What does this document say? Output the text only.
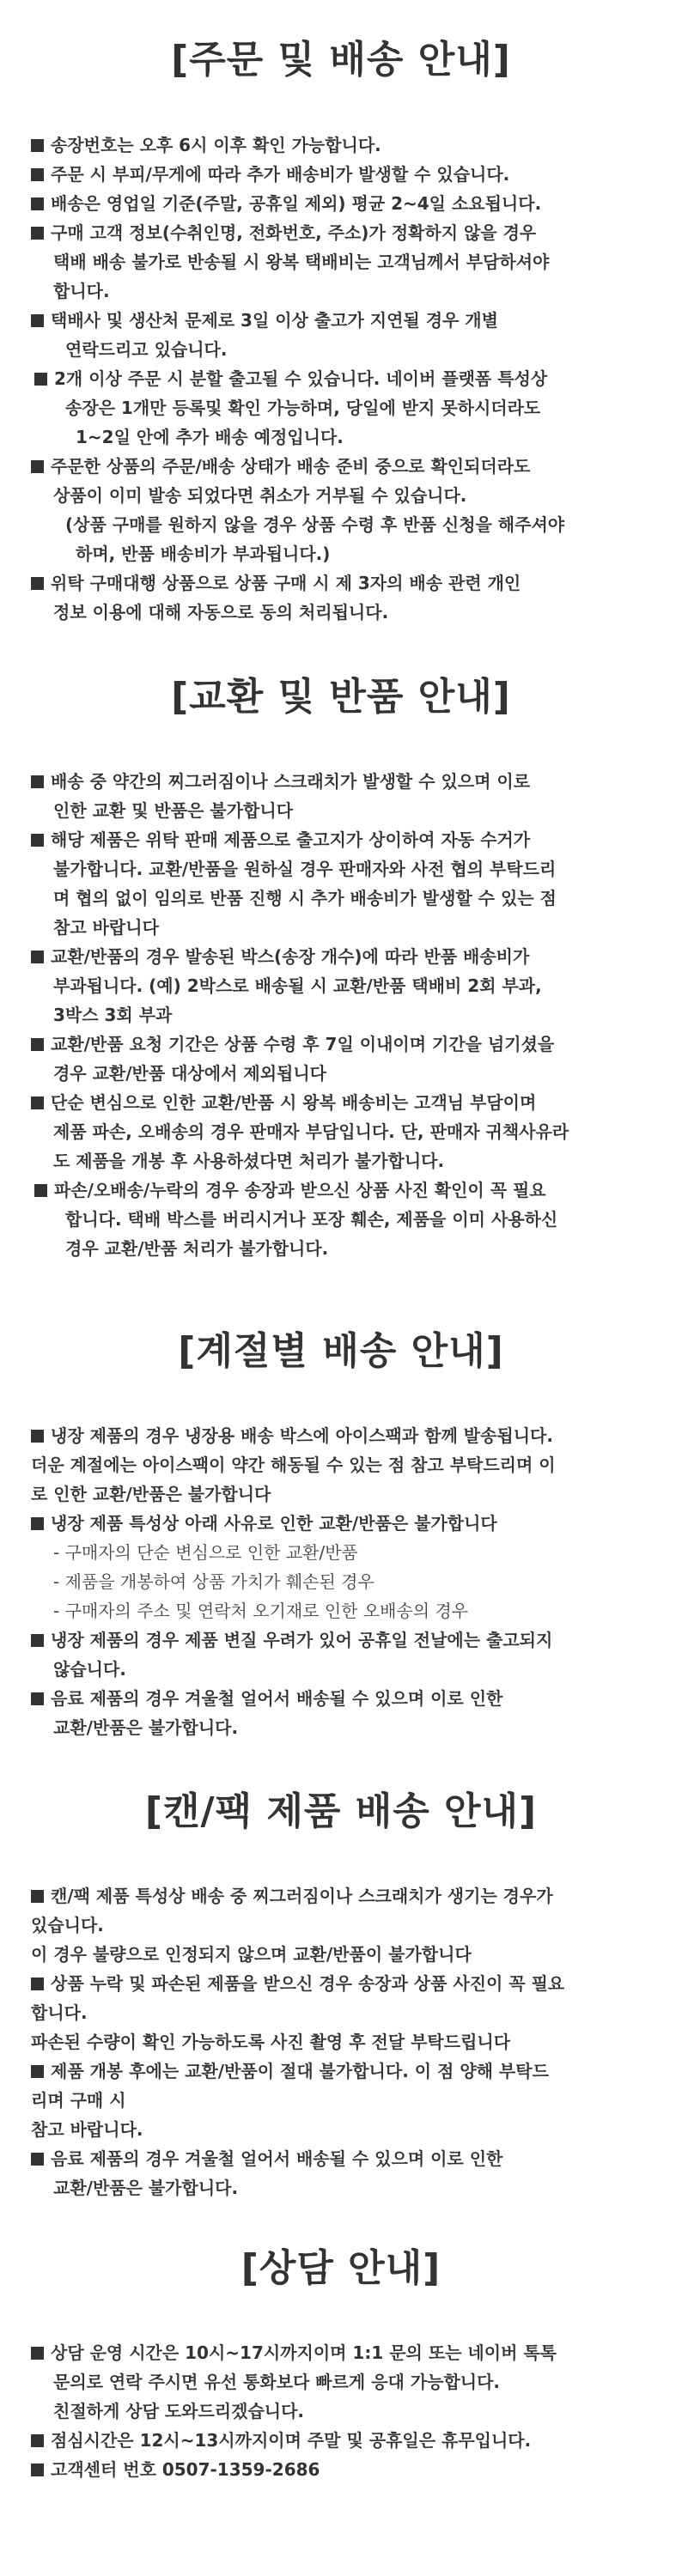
[주문 및 배송 안내]
송장번호는 오후 6시 이후 확인 가능합니다.
주문 시 부피/무게에 따라 추가 배송비가 발생할 수 있습니다.
배송은 영업일 기준(주말, 공휴일 제외) 평균 2~4일 소요됩니다.
구매 고객 정보(수취인명, 전화번호, 주소)가 정확하지 않을 경우
택배 배송 불가로 반송될 시 왕복 택배비는 고객님께서 부담하셔야
합니다.
택배사 및 생산처 문제로 3일 이상 출고가 지연될 경우 개별
연락드리고 있습니다.
2개 이상 주문 시 분할 출고될 수 있습니다. 네이버 플랫폼 특성상
송장은 1개만 등록및 확인 가능하며, 당일에 받지 못하시더라도
1~2일 안에 추가 배송 예정입니다.
주문한 상품의 주문/배송 상태가 배송 준비 중으로 확인되더라도
상품이 이미 발송 되었다면 취소가 거부될 수 있습니다.
(상품 구매를 원하지 않을 경우 상품 수령 후 반품 신청을 해주셔야
하며, 반품 배송비가 부과됩니다.)
위탁 구매대행 상품으로 상품 구매 시 제 3자의 배송 관련 개인
정보 이용에 대해 자동으로 동의 처리됩니다.
[교환 및 반품 안내]
배송 중 약간의 찌그러짐이나 스크래치가 발생할 수 있으며 이로
인한 교환 및 반품은 불가합니다
해당 제품은 위탁 판매 제품으로 출고지가 상이하여 자동 수거가
불가합니다. 교환/반품을 원하실 경우 판매자와 사전 협의 부탁드리
며 협의 없이 임의로 반품 진행 시 추가 배송비가 발생할 수 있는 점
참고 바랍니다
교환/반품의 경우 발송된 박스(송장 개수)에 따라 반품 배송비가
부과됩니다. (예) 2박스로 배송될 시 교환/반품 택배비 2회 부과,
3박스 3회 부과
교환/반품 요청 기간은 상품 수령 후 7일 이내이며 기간을 넘기셨을
경우 교환/반품 대상에서 제외됩니다
단순 변심으로 인한 교환/반품 시 왕복 배송비는 고객님 부담이며
제품 파손, 오배송의 경우 판매자 부담입니다. 단, 판매자 귀책사유라
도 제품을 개봉 후 사용하셨다면 처리가 불가합니다.
파손/오배송/누락의 경우 송장과 받으신 상품 사진 확인이 꼭 필요
합니다. 택배 박스를 버리시거나 포장 훼손, 제품을 이미 사용하신
경우 교환/반품 처리가 불가합니다.
[계절별 배송 안내]
냉장 제품의 경우 냉장용 배송 박스에 아이스팩과 함께 발송됩니다.
더운 계절에는 아이스팩이 약간 해동될 수 있는 점 참고 부탁드리며 이
로 인한 교환/반품은 불가합니다
냉장 제품 특성상 아래 사유로 인한 교환/반품은 불가합니다
- 구매자의 단순 변심으로 인한 교환/반품
- 제품을 개봉하여 상품 가치가 훼손된 경우
- 구매자의 주소 및 연락처 오기재로 인한 오배송의 경우
냉장 제품의 경우 제품 변질 우려가 있어 공휴일 전날에는 출고되지
않습니다.
음료 제품의 경우 겨울철 얼어서 배송될 수 있으며 이로 인한
교환/반품은 불가합니다.
[캔/팩 제품 배송 안내]
캔/팩 제품 특성상 배송 중 찌그러짐이나 스크래치가 생기는 경우가
있습니다.
이 경우 불량으로 인정되지 않으며 교환/반품이 불가합니다
상품 누락 및 파손된 제품을 받으신 경우 송장과 상품 사진이 꼭 필요
합니다.
파손된 수량이 확인 가능하도록 사진 촬영 후 전달 부탁드립니다
제품 개봉 후에는 교환/반품이 절대 불가합니다. 이 점 양해 부탁드
리며 구매 시
참고 바랍니다.
음료 제품의 경우 겨울철 얼어서 배송될 수 있으며 이로 인한
교환/반품은 불가합니다.
[상담 안내]
상담 운영 시간은 10시~17시까지이며 1:1 문의 또는 네이버 톡톡
문의로 연락 주시면 유선 통화보다 빠르게 응대 가능합니다.
친절하게 상담 도와드리겠습니다.
점심시간은 12시~13시까지이며 주말 및 공휴일은 휴무입니다.
고객센터 번호 0507-1359-2686
